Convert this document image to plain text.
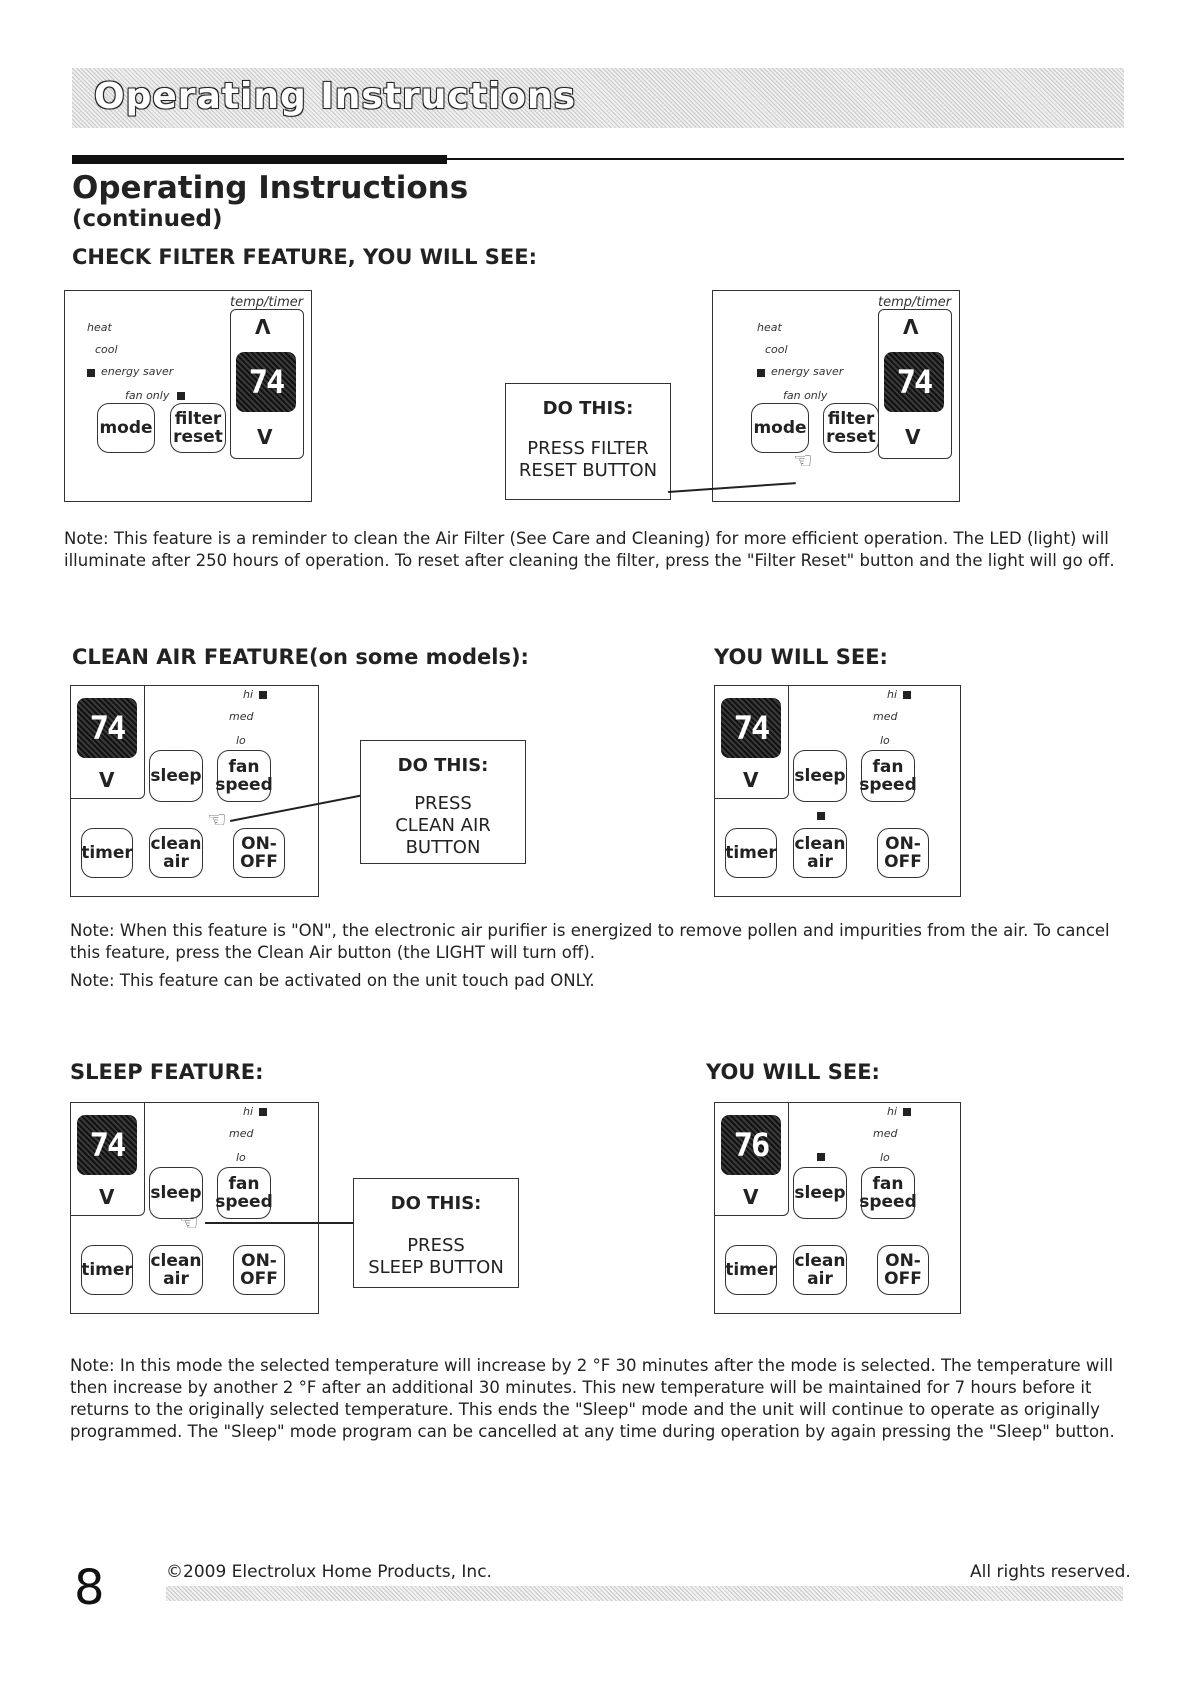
Operating Instructions
Operating Instructions
(continued)
CHECK FILTER FEATURE, YOU WILL SEE:
temp/timer
heat
cool
energy saver
fan only
Λ
74
V
mode filter
reset
DO THIS:
PRESS FILTER
RESET BUTTON
temp/timer
heat
cool
energy saver
fan only
Λ
74
V
mode filter
reset
☜
Note: This feature is a reminder to clean the Air Filter (See Care and Cleaning) for more efficient operation. The LED (light) will illuminate after 250 hours of operation. To reset after cleaning the filter, press the "Filter Reset" button and the light will go off.
CLEAN AIR FEATURE(on some models):	YOU WILL SEE:
74
V
hi
med
lo
sleep fan
speed
timer clean
air
ON-
OFF
☜
DO THIS:
PRESS
CLEAN AIR
BUTTON
74
V
hi
med
lo
sleep fan
speed
timer clean
air
ON-
OFF
Note: When this feature is "ON", the electronic air purifier is energized to remove pollen and impurities from the air. To cancel this feature, press the Clean Air button (the LIGHT will turn off).
Note: This feature can be activated on the unit touch pad ONLY.
SLEEP FEATURE:	YOU WILL SEE:
74
V
hi
med
lo
sleep fan
speed
☜
timer clean
air
ON-
OFF
DO THIS:
PRESS
SLEEP BUTTON
76
V
hi
med
lo
sleep fan
speed
timer clean
air
ON-
OFF
Note: In this mode the selected temperature will increase by 2 °F 30 minutes after the mode is selected. The temperature will then increase by another 2 °F after an additional 30 minutes. This new temperature will be maintained for 7 hours before it returns to the originally selected temperature. This ends the "Sleep" mode and the unit will continue to operate as originally programmed. The "Sleep" mode program can be cancelled at any time during operation by again pressing the "Sleep" button.
8	©2009 Electrolux Home Products, Inc.	All rights reserved.
